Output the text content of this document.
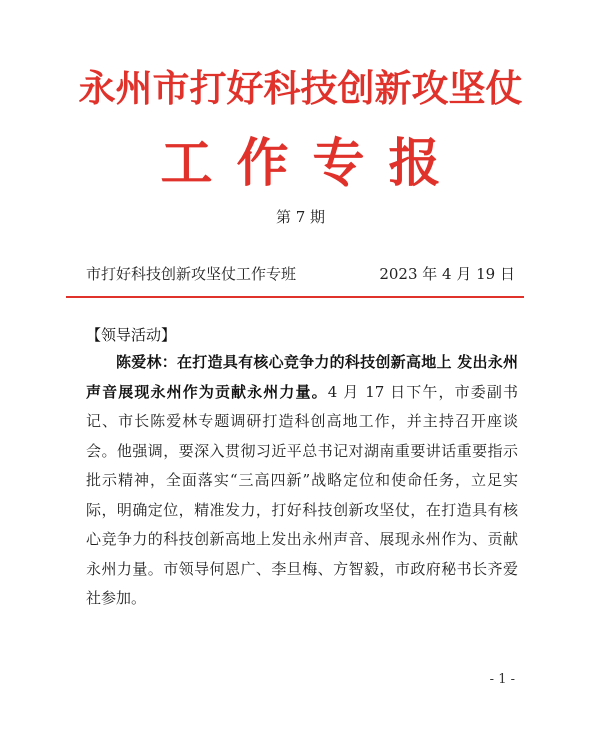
永州市打好科技创新攻坚仗
工作专报
第 7 期
市打好科技创新攻坚仗工作专班	2023 年 4 月 19 日
【领导活动】
陈爱林：在打造具有核心竞争力的科技创新高地上 发出永州声音展现永州作为贡献永州力量。4 月 17 日下午，市委副书记、市长陈爱林专题调研打造科创高地工作，并主持召开座谈会。他强调，要深入贯彻习近平总书记对湖南重要讲话重要指示批示精神，全面落实“三高四新”战略定位和使命任务，立足实际，明确定位，精准发力，打好科技创新攻坚仗，在打造具有核心竞争力的科技创新高地上发出永州声音、展现永州作为、贡献永州力量。市领导何恩广、李旦梅、方智毅，市政府秘书长齐爱社参加。
- 1 -
